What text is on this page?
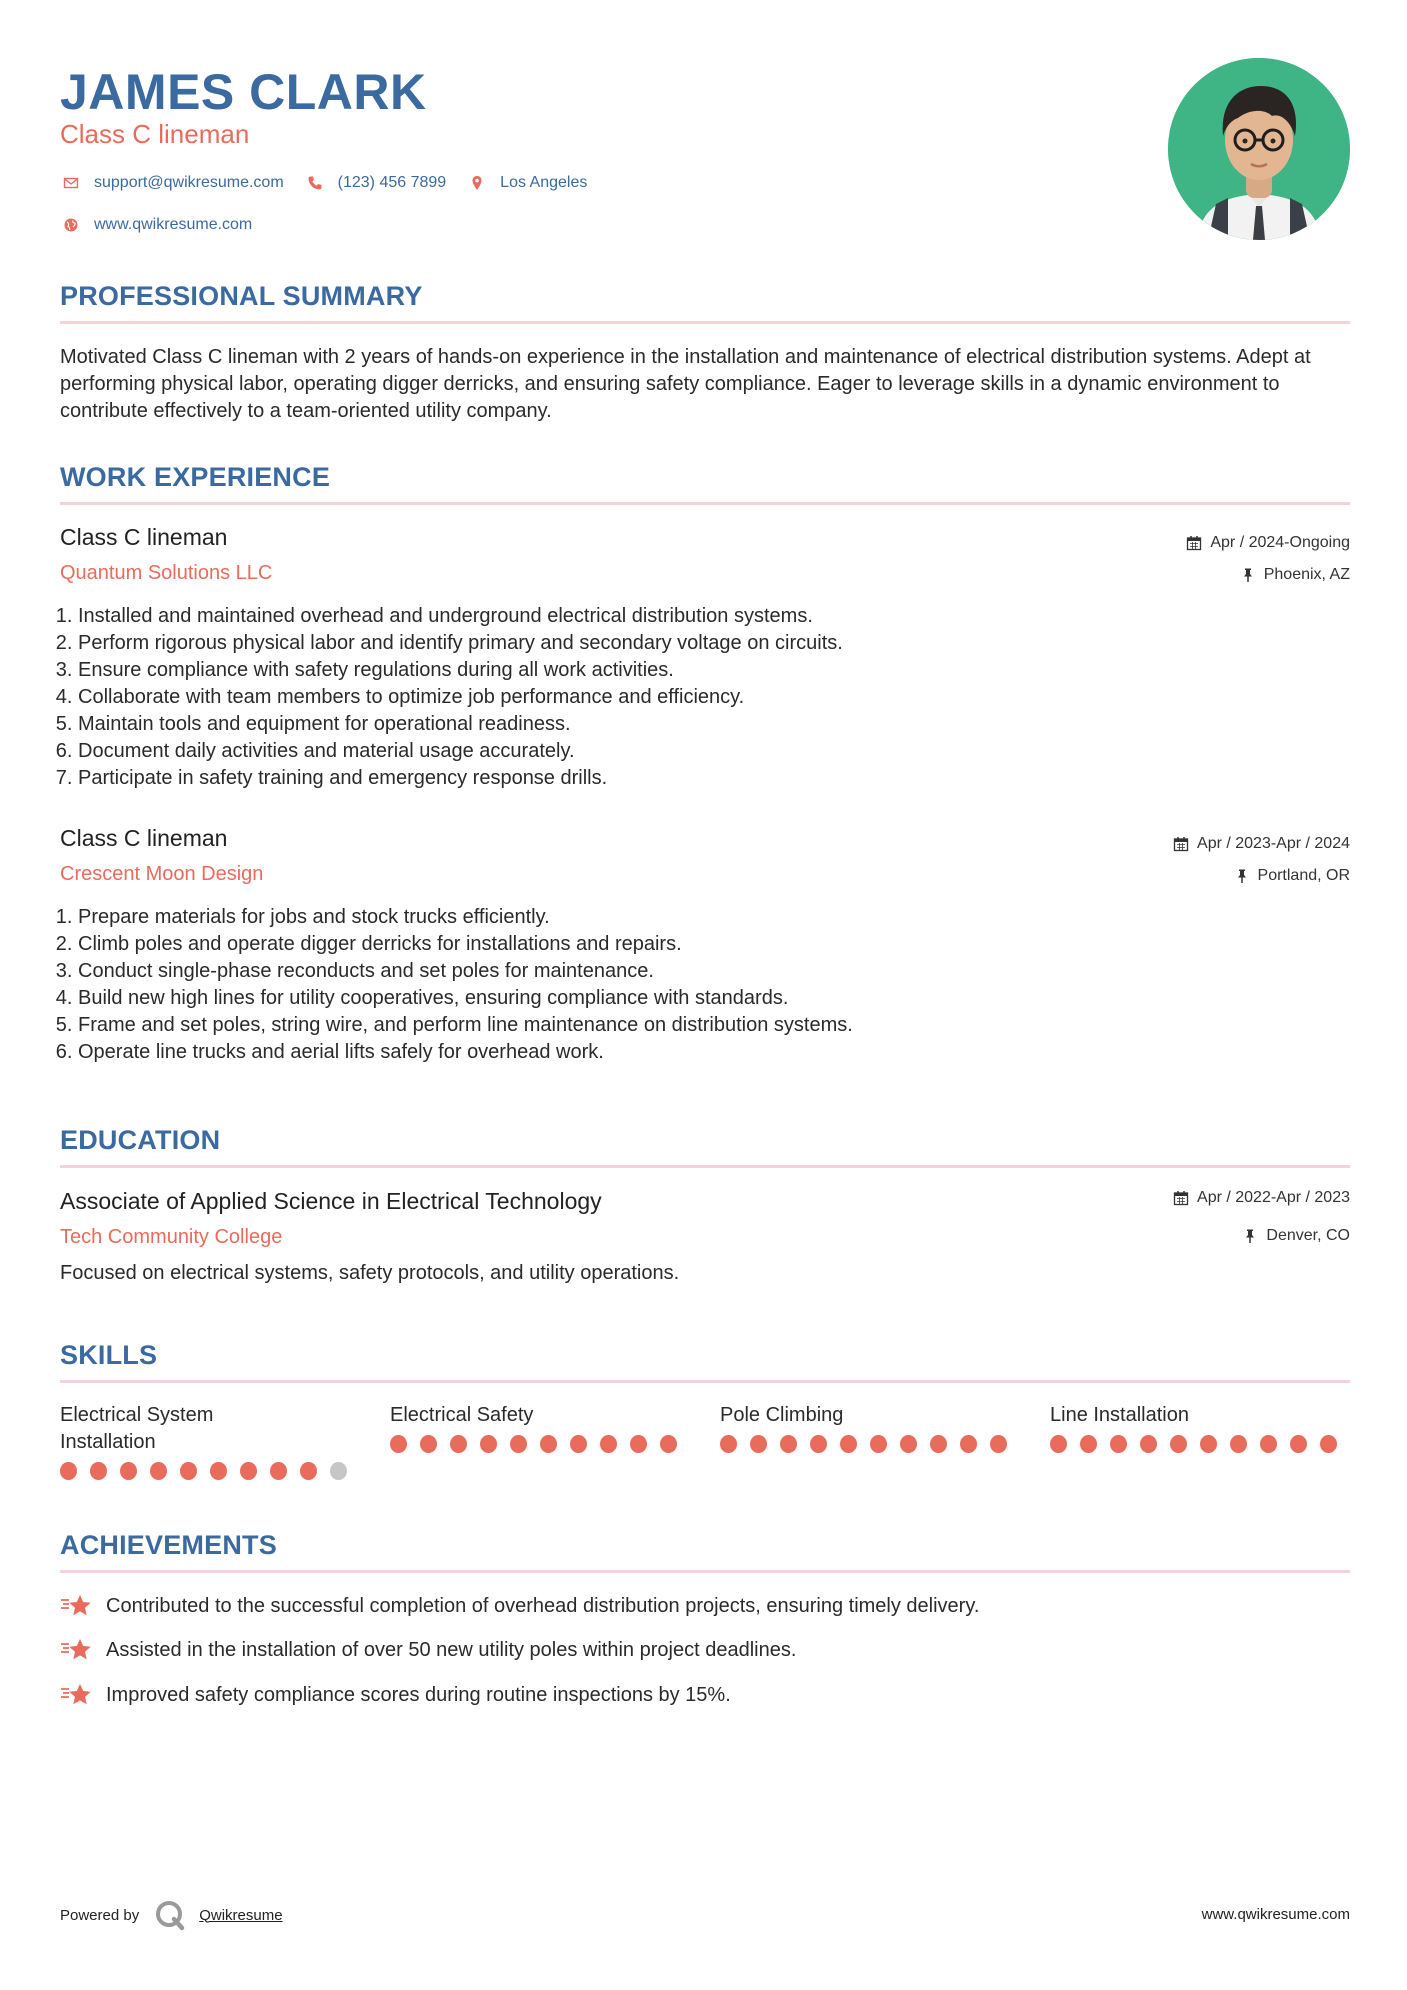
JAMES CLARK

Class C lineman

support@qwikresume.com	(123) 456 7899	Los Angeles
www.qwikresume.com
PROFESSIONAL SUMMARY

Motivated Class C lineman with 2 years of hands-on experience in the installation and maintenance of electrical distribution systems. Adept at performing physical labor, operating digger derricks, and ensuring safety compliance. Eager to leverage skills in a dynamic environment to contribute effectively to a team-oriented utility company.

WORK EXPERIENCE

Class C lineman

Quantum Solutions LLC

Apr / 2024-Ongoing
Phoenix, AZ
1. Installed and maintained overhead and underground electrical distribution systems.
2. Perform rigorous physical labor and identify primary and secondary voltage on circuits.
3. Ensure compliance with safety regulations during all work activities.
4. Collaborate with team members to optimize job performance and efficiency.
5. Maintain tools and equipment for operational readiness.
6. Document daily activities and material usage accurately.
7. Participate in safety training and emergency response drills.

Class C lineman

Crescent Moon Design

Apr / 2023-Apr / 2024
Portland, OR
1. Prepare materials for jobs and stock trucks efficiently.
2. Climb poles and operate digger derricks for installations and repairs.
3. Conduct single-phase reconducts and set poles for maintenance.
4. Build new high lines for utility cooperatives, ensuring compliance with standards.
5. Frame and set poles, string wire, and perform line maintenance on distribution systems.
6. Operate line trucks and aerial lifts safely for overhead work.
EDUCATION

Associate of Applied Science in Electrical Technology

Tech Community College

Apr / 2022-Apr / 2023
Denver, CO

Focused on electrical systems, safety protocols, and utility operations.

SKILLS

Electrical System Installation

Electrical Safety	Pole Climbing	Line Installation

ACHIEVEMENTS
Contributed to the successful completion of overhead distribution projects, ensuring timely delivery.
Assisted in the installation of over 50 new utility poles within project deadlines.
Improved safety compliance scores during routine inspections by 15%.
Powered by	Qwikresume	www.qwikresume.com
